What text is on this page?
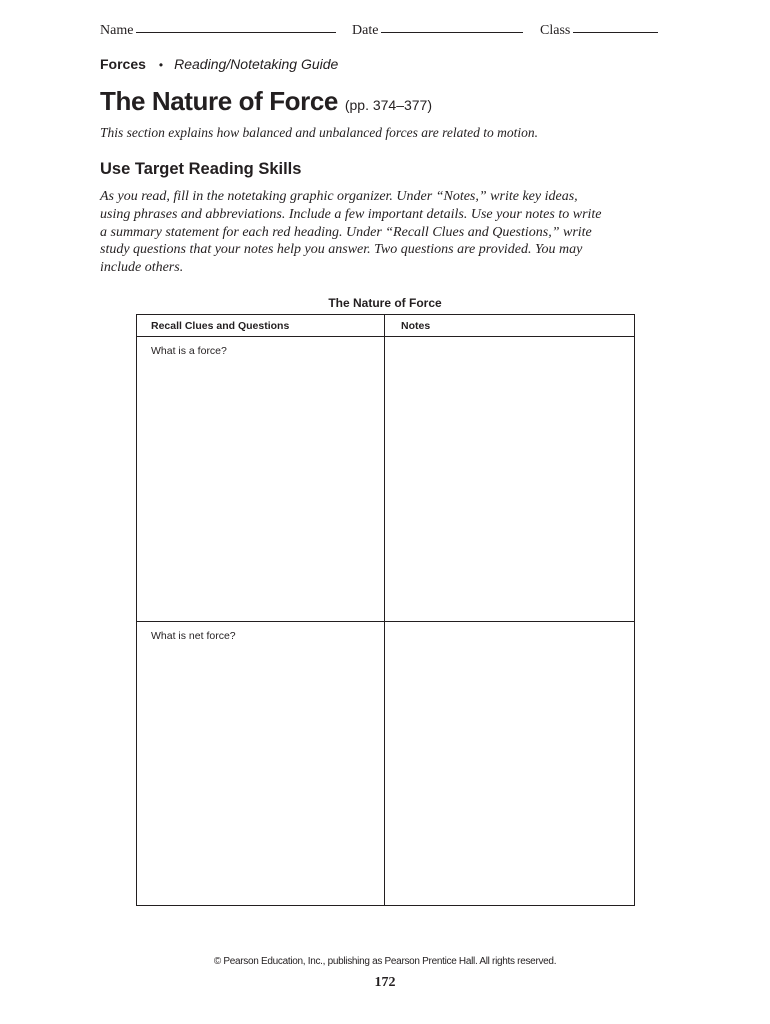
Name	Date	Class
Forces • Reading/Notetaking Guide
The Nature of Force (pp. 374–377)
This section explains how balanced and unbalanced forces are related to motion.
Use Target Reading Skills
As you read, fill in the notetaking graphic organizer. Under “Notes,” write key ideas, using phrases and abbreviations. Include a few important details. Use your notes to write a summary statement for each red heading. Under “Recall Clues and Questions,” write study questions that your notes help you answer. Two questions are provided. You may include others.
The Nature of Force
Recall Clues and Questions	Notes

What is a force?	

What is net force?	

© Pearson Education, Inc., publishing as Pearson Prentice Hall. All rights reserved.
172
